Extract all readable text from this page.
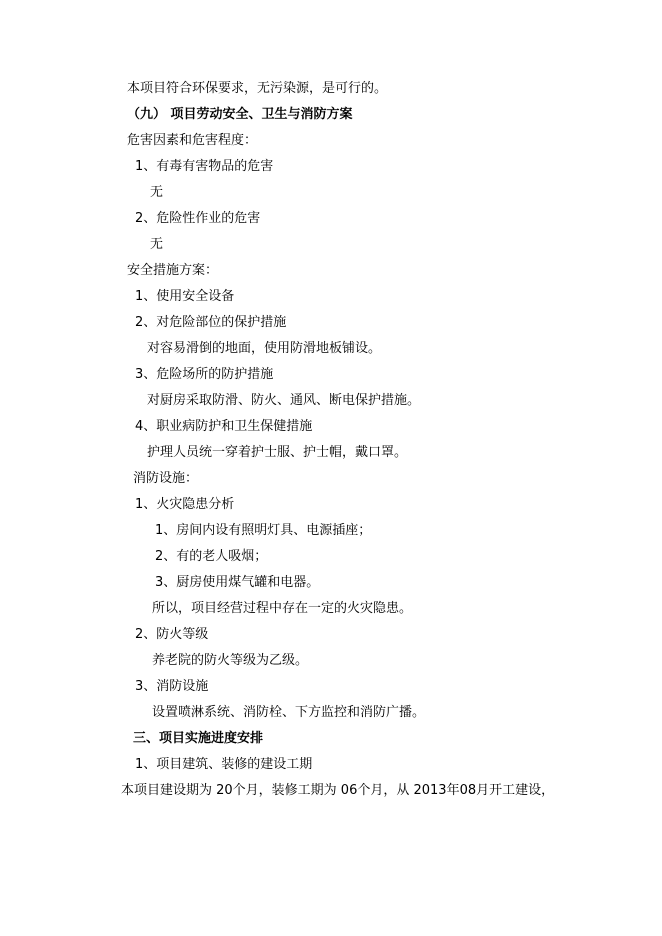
本项目符合环保要求，无污染源，是可行的。
（九） 项目劳动安全、卫生与消防方案
危害因素和危害程度：
1、有毒有害物品的危害
无
2、危险性作业的危害
无
安全措施方案：
1、使用安全设备
2、对危险部位的保护措施
对容易滑倒的地面，使用防滑地板铺设。
3、危险场所的防护措施
对厨房采取防滑、防火、通风、断电保护措施。
4、职业病防护和卫生保健措施
护理人员统一穿着护士服、护士帽，戴口罩。
消防设施：
1、火灾隐患分析
1、房间内设有照明灯具、电源插座；
2、有的老人吸烟；
3、厨房使用煤气罐和电器。
所以，项目经营过程中存在一定的火灾隐患。
2、防火等级
养老院的防火等级为乙级。
3、消防设施
设置喷淋系统、消防栓、下方监控和消防广播。
三、项目实施进度安排
1、项目建筑、装修的建设工期
本项目建设期为 20个月，装修工期为 06个月，从 2013年08月开工建设，
